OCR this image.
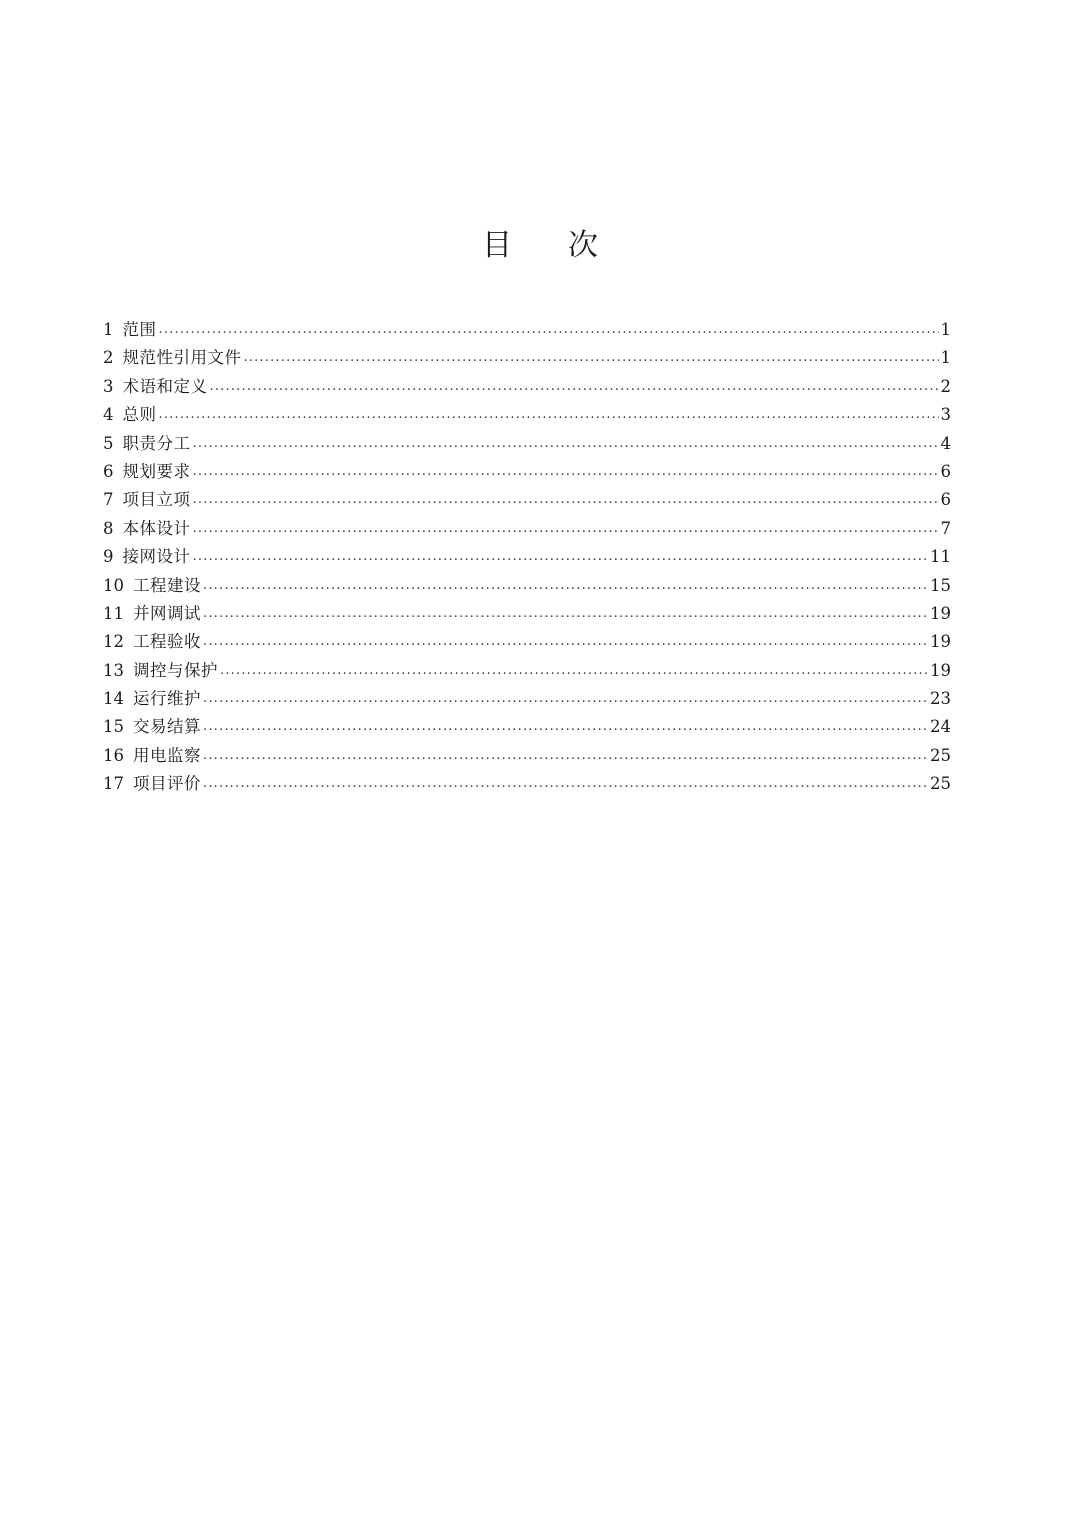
目 次
1 范围 .....	1
2 规范性引用文件 .....	1
3 术语和定义 .....	2
4 总则 .....	3
5 职责分工 .....	4
6 规划要求 .....	6
7 项目立项 .....	6
8 本体设计 .....	7
9 接网设计 .....	11
10 工程建设 .....	15
11 并网调试 .....	19
12 工程验收 .....	19
13 调控与保护 .....	19
14 运行维护 .....	23
15 交易结算 .....	24
16 用电监察 .....	25
17 项目评价 .....	25
